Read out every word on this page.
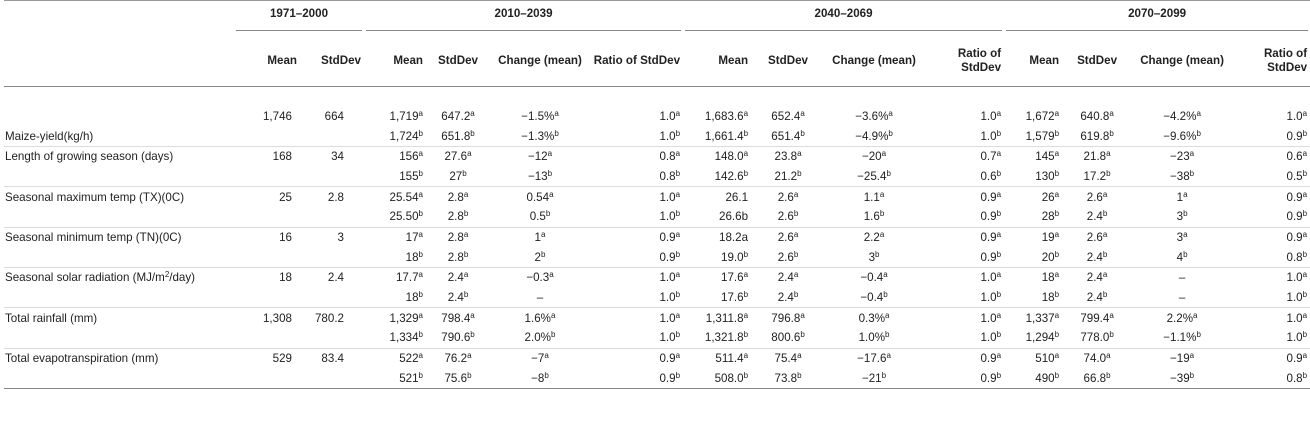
	1971–2000		2010–2039				2040–2069				2070–2099			

	Mean	StdDev	Mean	StdDev	Change (mean)	Ratio of StdDev	Mean	StdDev	Change (mean)	Ratio of StdDev	Mean	StdDev	Change (mean)	Ratio of StdDev

	1,746	664	1,719$^a$	647.2$^a$	−1.5%$^a$	1.0$^a$	1,683.6$^a$	652.4$^a$	−3.6%$^a$	1.0$^a$	1,672$^a$	640.8$^a$	−4.2%$^a$	1.0$^a$
Maize-yield(kg/h)			1,724$^b$	651.8$^b$	−1.3%$^b$	1.0$^b$	1,661.4$^b$	651.4$^b$	−4.9%$^b$	1.0$^b$	1,579$^b$	619.8$^b$	−9.6%$^b$	0.9$^b$
Length of growing season (days)	168	34	156$^a$	27.6$^a$	$-12^a$	0.8$^a$	148.0$^a$	23.8$^a$	$-20^a$	0.7$^a$	145$^a$	21.8$^a$	$-23^a$	0.6$^a$
			155$^b$	$27^b$	$-13^b$	0.8$^b$	142.6$^b$	21.2$^b$	−25.4$^b$	0.6$^b$	130$^b$	17.2$^b$	$-38^b$	0.5$^b$
Seasonal maximum temp (TX)(0C)	25	2.8	25.54$^a$	2.8$^a$	0.54$^a$	1.0$^a$	26.1	2.6$^a$	1.1$^a$	0.9$^a$	26$^a$	2.6$^a$	1$^a$	0.9$^a$
			25.50$^b$	2.8$^b$	0.5$^b$	1.0$^b$	26.6b	2.6$^b$	1.6$^b$	0.9$^b$	28$^b$	2.4$^b$	3$^b$	0.9$^b$
Seasonal minimum temp (TN)(0C)	16	3	17$^a$	2.8$^a$	1$^a$	0.9$^a$	18.2a	2.6$^a$	2.2$^a$	0.9$^a$	19$^a$	2.6$^a$	3$^a$	0.9$^a$
			18$^b$	2.8$^b$	2$^b$	0.9$^b$	19.0$^b$	2.6$^b$	3$^b$	0.9$^b$	20$^b$	2.4$^b$	4$^b$	0.8$^b$
Seasonal solar radiation $(MJ/m^2/day)$	18	2.4	17.7$^a$	2.4$^a$	−0.3$^a$	1.0$^a$	17.6$^a$	2.4$^a$	−0.4$^a$	1.0$^a$	18$^a$	2.4$^a$	–	1.0$^a$
			18$^b$	2.4$^b$	–	1.0$^b$	17.6$^b$	2.4$^b$	−0.4$^b$	1.0$^b$	18$^b$	2.4$^b$	–	1.0$^b$
Total rainfall (mm)	1,308	780.2	1,329$^a$	798.4$^a$	1.6%$^a$	1.0$^a$	1,311.8$^a$	796.8$^a$	0.3%$^a$	1.0$^a$	1,337$^a$	799.4$^a$	2.2%$^a$	1.0$^a$
			1,334$^b$	790.6$^b$	2.0%$^b$	1.0$^b$	1,321.8$^b$	800.6$^b$	1.0%$^b$	1.0$^b$	1,294$^b$	778.0$^b$	−1.1%$^b$	1.0$^b$
Total evapotranspiration (mm)	529	83.4	522$^a$	76.2$^a$	$-7^a$	0.9$^a$	511.4$^a$	75.4$^a$	−17.6$^a$	0.9$^a$	510$^a$	74.0$^a$	$-19^a$	0.9$^a$
			521$^b$	75.6$^b$	$-8^b$	0.9$^b$	508.0$^b$	73.8$^b$	$-21^b$	0.9$^b$	490$^b$	66.8$^b$	$-39^b$	0.8$^b$
